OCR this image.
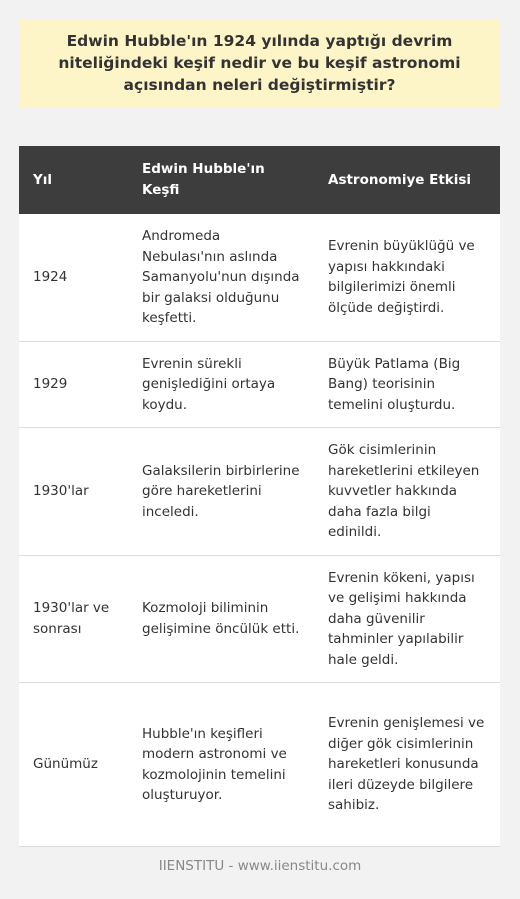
Edwin Hubble'ın 1924 yılında yaptığı devrim niteliğindeki keşif nedir ve bu keşif astronomi açısından neleri değiştirmiştir?
Yıl	Edwin Hubble'ın Keşfi	Astronomiye Etkisi
1924	Andromeda Nebulası'nın aslında Samanyolu'nun dışında bir galaksi olduğunu keşfetti.	Evrenin büyüklüğü ve yapısı hakkındaki bilgilerimizi önemli ölçüde değiştirdi.
1929	Evrenin sürekli genişlediğini ortaya koydu.	Büyük Patlama (Big Bang) teorisinin temelini oluşturdu.
1930'lar	Galaksilerin birbirlerine göre hareketlerini inceledi.	Gök cisimlerinin hareketlerini etkileyen kuvvetler hakkında daha fazla bilgi edinildi.
1930'lar ve sonrası	Kozmoloji biliminin gelişimine öncülük etti.	Evrenin kökeni, yapısı ve gelişimi hakkında daha güvenilir tahminler yapılabilir hale geldi.
Günümüz	Hubble'ın keşifleri modern astronomi ve kozmolojinin temelini oluşturuyor.	Evrenin genişlemesi ve diğer gök cisimlerinin hareketleri konusunda ileri düzeyde bilgilere sahibiz.
IIENSTITU - www.iienstitu.com
